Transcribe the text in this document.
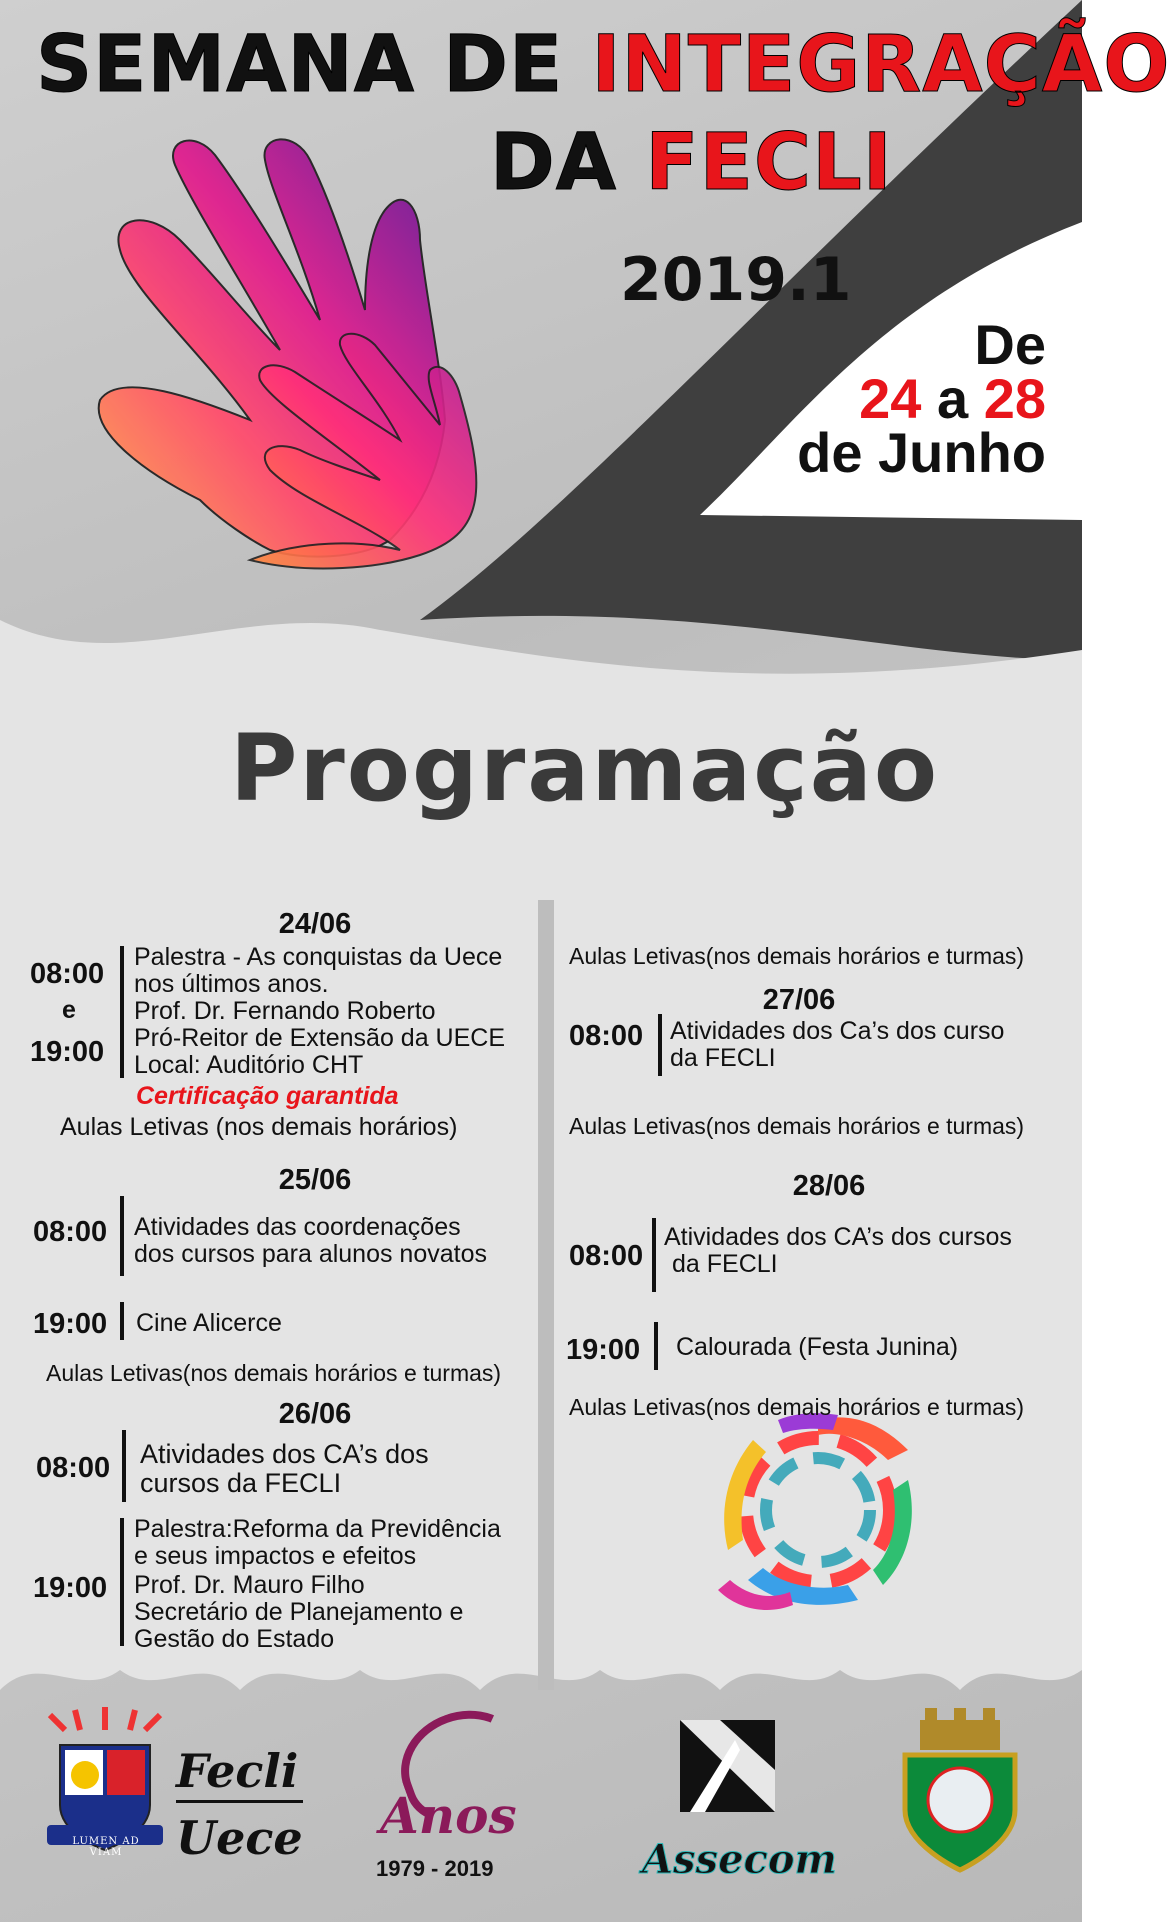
SEMANA DE INTEGRAÇÃO
DA FECLI
2019.1
De
24 a 28
de Junho
Programação
24/06
08:00
e
19:00
Palestra - As conquistas da Uece
nos últimos anos.
Prof. Dr. Fernando Roberto
Pró-Reitor de Extensão da UECE
Local: Auditório CHT
Certificação garantida
Aulas Letivas (nos demais horários)
25/06
08:00 Atividades das coordenações
dos cursos para alunos novatos
19:00 Cine Alicerce
Aulas Letivas(nos demais horários e turmas)
26/06
08:00 Atividades dos CA’s dos
cursos da FECLI
19:00
Palestra:Reforma da Previdência
e seus impactos e efeitos
Prof. Dr. Mauro Filho
Secretário de Planejamento e
Gestão do Estado
Aulas Letivas(nos demais horários e turmas)
27/06
08:00 Atividades dos Ca’s dos curso
da FECLI
Aulas Letivas(nos demais horários e turmas)
28/06
08:00
Atividades dos CA’s dos cursos
da FECLI
19:00 Calourada (Festa Junina)
Aulas Letivas(nos demais horários e turmas)
LUMEN AD VIAM
Fecli
Uece Anos
1979 - 2019	Assecom
